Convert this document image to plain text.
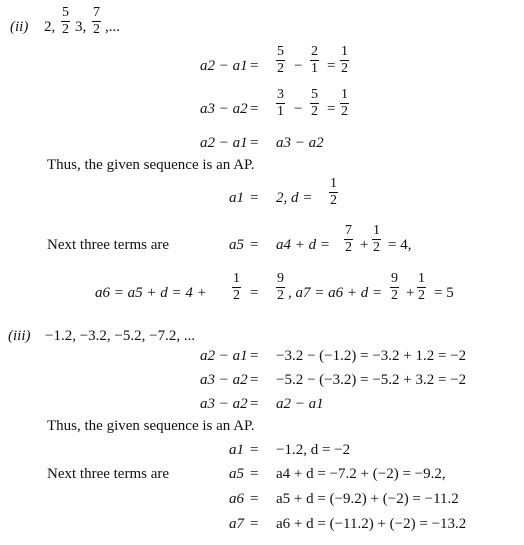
(ii) 2, $\frac{5}{2} 3$, $\frac{7}{2}$ ,...
$a2 - a1 = \frac{5}{2} - \frac{2}{1} = \frac{1}{2}$
$a3 - a2 = \frac{3}{1} - \frac{5}{2} = \frac{1}{2}$
a2 − a1 = a3 − a2
Thus, the given sequence is an AP.
a1 = 2, $d = \frac{1}{2}$
Next three terms are	$a5 = a4 + d = \frac{7}{2} + \frac{1}{2} = 4$,
$a6 = a5 + d = 4 + \frac{1}{2} = \frac{9}{2}$ , $a7 = a6 + d = \frac{9}{2} + \frac{1}{2} = 5$
(iii) −1.2, −3.2, −5.2, −7.2, ...
a2 − a1 = −3.2 − (−1.2) = −3.2 + 1.2 = −2
a3 − a2 = −5.2 − (−3.2) = −5.2 + 3.2 = −2
a3 − a2 = a2 − a1
Thus, the given sequence is an AP.
a1 = −1.2, d = −2
Next three terms are	a5 = a4 + d = −7.2 + (−2) = −9.2,
a6 = a5 + d = (−9.2) + (−2) = −11.2
a7 = a6 + d = (−11.2) + (−2) = −13.2
